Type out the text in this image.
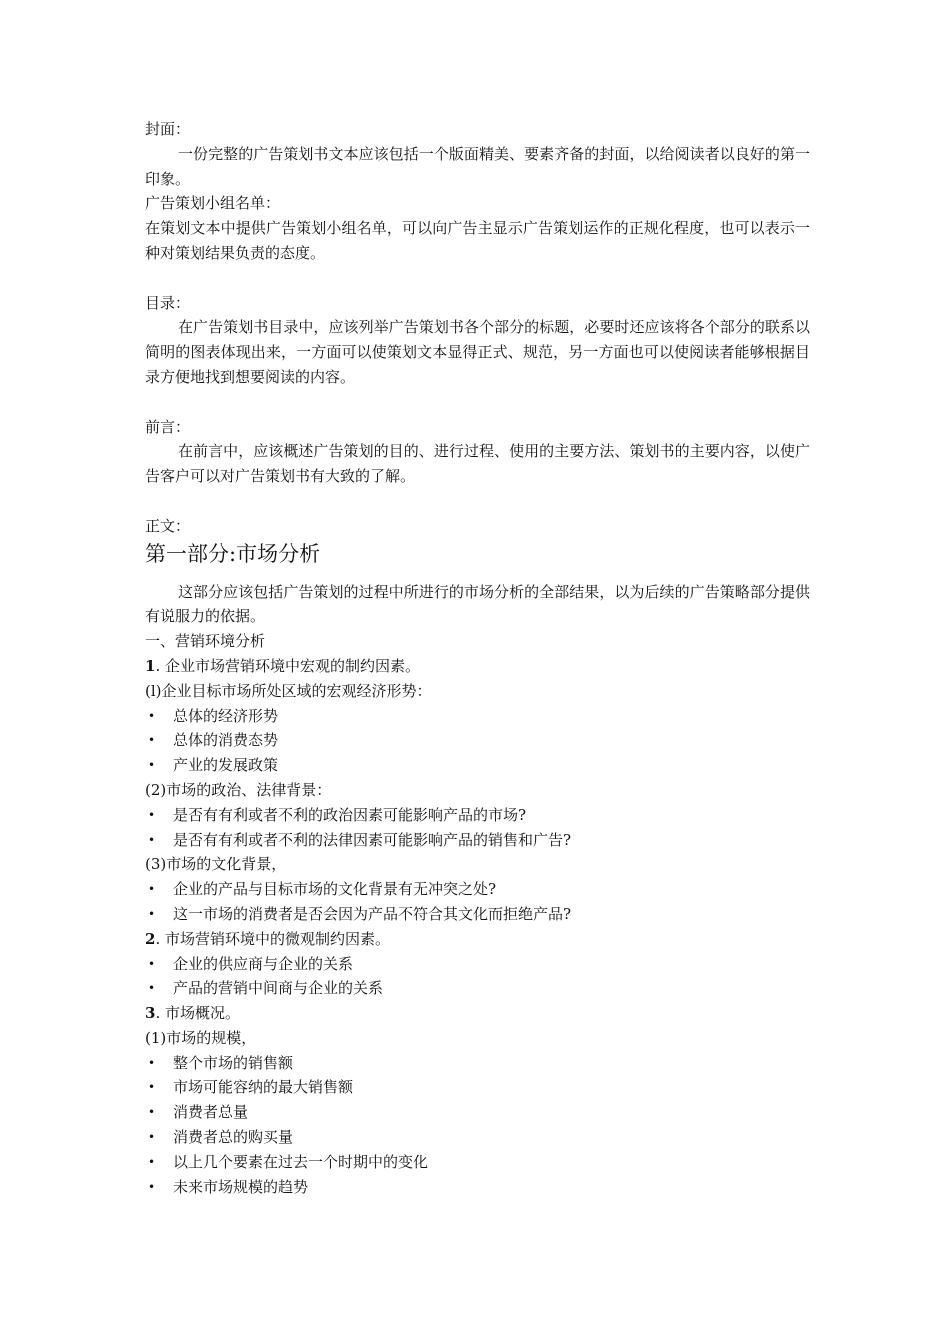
封面：
一份完整的广告策划书文本应该包括一个版面精美、要素齐备的封面，以给阅读者以良好的第一印象。
广告策划小组名单：
在策划文本中提供广告策划小组名单，可以向广告主显示广告策划运作的正规化程度，也可以表示一种对策划结果负责的态度。
目录：
在广告策划书目录中，应该列举广告策划书各个部分的标题，必要时还应该将各个部分的联系以简明的图表体现出来，一方面可以使策划文本显得正式、规范，另一方面也可以使阅读者能够根据目录方便地找到想要阅读的内容。
前言：
在前言中，应该概述广告策划的目的、进行过程、使用的主要方法、策划书的主要内容，以使广告客户可以对广告策划书有大致的了解。
正文：
第一部分:市场分析
这部分应该包括广告策划的过程中所进行的市场分析的全部结果，以为后续的广告策略部分提供有说服力的依据。
一、营销环境分析
1. 企业市场营销环境中宏观的制约因素。
(l)企业目标市场所处区域的宏观经济形势：
•	总体的经济形势
•	总体的消费态势
•	产业的发展政策
(2)市场的政治、法律背景：
•	是否有有利或者不利的政治因素可能影响产品的市场?
•	是否有有利或者不利的法律因素可能影响产品的销售和广告?
(3)市场的文化背景，
•	企业的产品与目标市场的文化背景有无冲突之处?
•	这一市场的消费者是否会因为产品不符合其文化而拒绝产品?
2. 市场营销环境中的微观制约因素。
•	企业的供应商与企业的关系
•	产品的营销中间商与企业的关系
3. 市场概况。
(1)市场的规模，
•	整个市场的销售额
•	市场可能容纳的最大销售额
•	消费者总量
•	消费者总的购买量
•	以上几个要素在过去一个时期中的变化
•	未来市场规模的趋势
